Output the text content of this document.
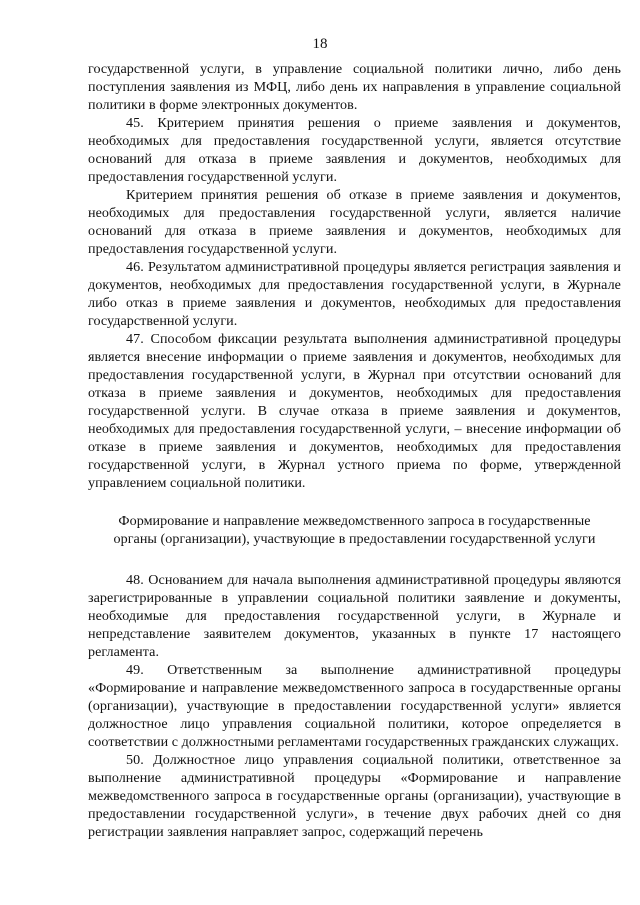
18

государственной услуги, в управление социальной политики лично, либо день поступления заявления из МФЦ, либо день их направления в управление социальной политики в форме электронных документов.

45. Критерием принятия решения о приеме заявления и документов, необходимых для предоставления государственной услуги, является отсутствие оснований для отказа в приеме заявления и документов, необходимых для предоставления государственной услуги.

Критерием принятия решения об отказе в приеме заявления и документов, необходимых для предоставления государственной услуги, является наличие оснований для отказа в приеме заявления и документов, необходимых для предоставления государственной услуги.

46. Результатом административной процедуры является регистрация заявления и документов, необходимых для предоставления государственной услуги, в Журнале либо отказ в приеме заявления и документов, необходимых для предоставления государственной услуги.

47. Способом фиксации результата выполнения административной процедуры является внесение информации о приеме заявления и документов, необходимых для предоставления государственной услуги, в Журнал при отсутствии оснований для отказа в приеме заявления и документов, необходимых для предоставления государственной услуги. В случае отказа в приеме заявления и документов, необходимых для предоставления государственной услуги, – внесение информации об отказе в приеме заявления и документов, необходимых для предоставления государственной услуги, в Журнал устного приема по форме, утвержденной управлением социальной политики.

Формирование и направление межведомственного запроса в государственные органы (организации), участвующие в предоставлении государственной услуги

48. Основанием для начала выполнения административной процедуры являются зарегистрированные в управлении социальной политики заявление и документы, необходимые для предоставления государственной услуги, в Журнале и непредставление заявителем документов, указанных в пункте 17 настоящего регламента.

49. Ответственным за выполнение административной процедуры «Формирование и направление межведомственного запроса в государственные органы (организации), участвующие в предоставлении государственной услуги» является должностное лицо управления социальной политики, которое определяется в соответствии с должностными регламентами государственных гражданских служащих.

50. Должностное лицо управления социальной политики, ответственное за выполнение административной процедуры «Формирование и направление межведомственного запроса в государственные органы (организации), участвующие в предоставлении государственной услуги», в течение двух рабочих дней со дня регистрации заявления направляет запрос, содержащий перечень
